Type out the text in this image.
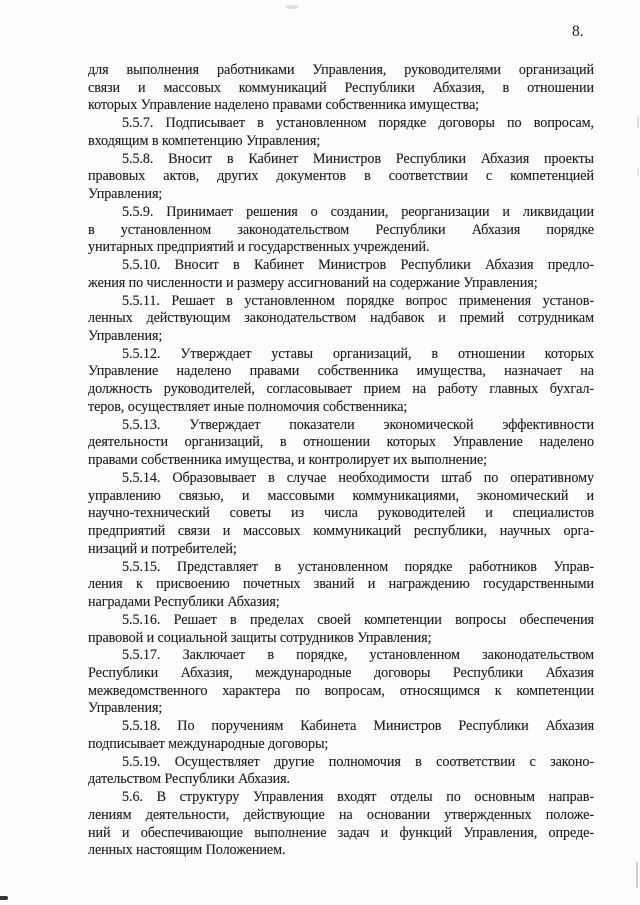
8.
для выполнения работниками Управления, руководителями организаций
связи и массовых коммуникаций Республики Абхазия, в отношении
которых Управление наделено правами собственника имущества;
5.5.7. Подписывает в установленном порядке договоры по вопросам,
входящим в компетенцию Управления;
5.5.8. Вносит в Кабинет Министров Республики Абхазия проекты
правовых актов, других документов в соответствии с компетенцией
Управления;
5.5.9. Принимает решения о создании, реорганизации и ликвидации
в установленном законодательством Республики Абхазия порядке
унитарных предприятий и государственных учреждений.
5.5.10. Вносит в Кабинет Министров Республики Абхазия предло-
жения по численности и размеру ассигнований на содержание Управления;
5.5.11. Решает в установленном порядке вопрос применения установ-
ленных действующим законодательством надбавок и премий сотрудникам
Управления;
5.5.12. Утверждает уставы организаций, в отношении которых
Управление наделено правами собственника имущества, назначает на
должность руководителей, согласовывает прием на работу главных бухгал-
теров, осуществляет иные полномочия собственника;
5.5.13. Утверждает показатели экономической эффективности
деятельности организаций, в отношении которых Управление наделено
правами собственника имущества, и контролирует их выполнение;
5.5.14. Образовывает в случае необходимости штаб по оперативному
управлению связью, и массовыми коммуникациями, экономический и
научно-технический советы из числа руководителей и специалистов
предприятий связи и массовых коммуникаций республики, научных орга-
низаций и потребителей;
5.5.15. Представляет в установленном порядке работников Управ-
ления к присвоению почетных званий и награждению государственными
наградами Республики Абхазия;
5.5.16. Решает в пределах своей компетенции вопросы обеспечения
правовой и социальной защиты сотрудников Управления;
5.5.17. Заключает в порядке, установленном законодательством
Республики Абхазия, международные договоры Республики Абхазия
межведомственного характера по вопросам, относящимся к компетенции
Управления;
5.5.18. По поручениям Кабинета Министров Республики Абхазия
подписывает международные договоры;
5.5.19. Осуществляет другие полномочия в соответствии с законо-
дательством Республики Абхазия.
5.6. В структуру Управления входят отделы по основным направ-
лениям деятельности, действующие на основании утвержденных положе-
ний и обеспечивающие выполнение задач и функций Управления, опреде-
ленных настоящим Положением.
